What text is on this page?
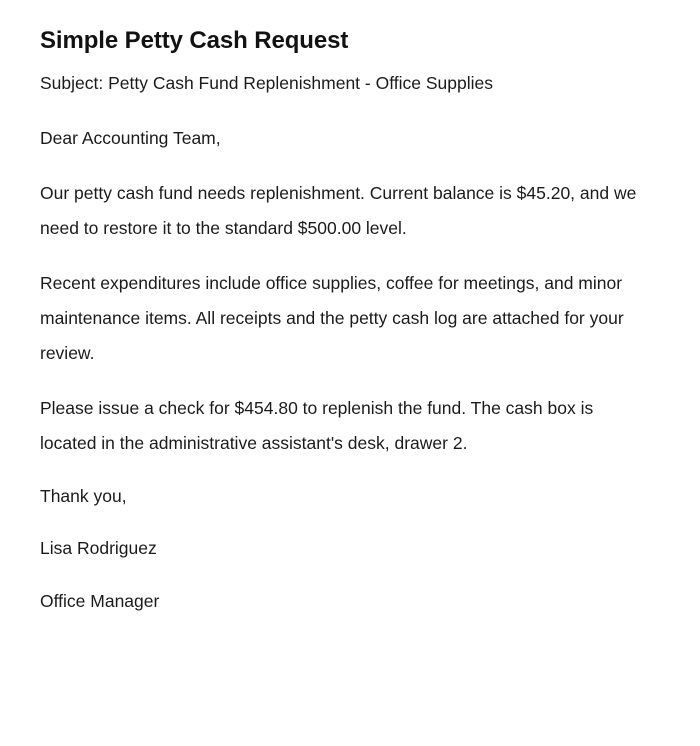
Simple Petty Cash Request

Subject: Petty Cash Fund Replenishment - Office Supplies

Dear Accounting Team,

Our petty cash fund needs replenishment. Current balance is $45.20, and we need to restore it to the standard $500.00 level.

Recent expenditures include office supplies, coffee for meetings, and minor maintenance items. All receipts and the petty cash log are attached for your review.

Please issue a check for $454.80 to replenish the fund. The cash box is located in the administrative assistant's desk, drawer 2.

Thank you,

Lisa Rodriguez

Office Manager
